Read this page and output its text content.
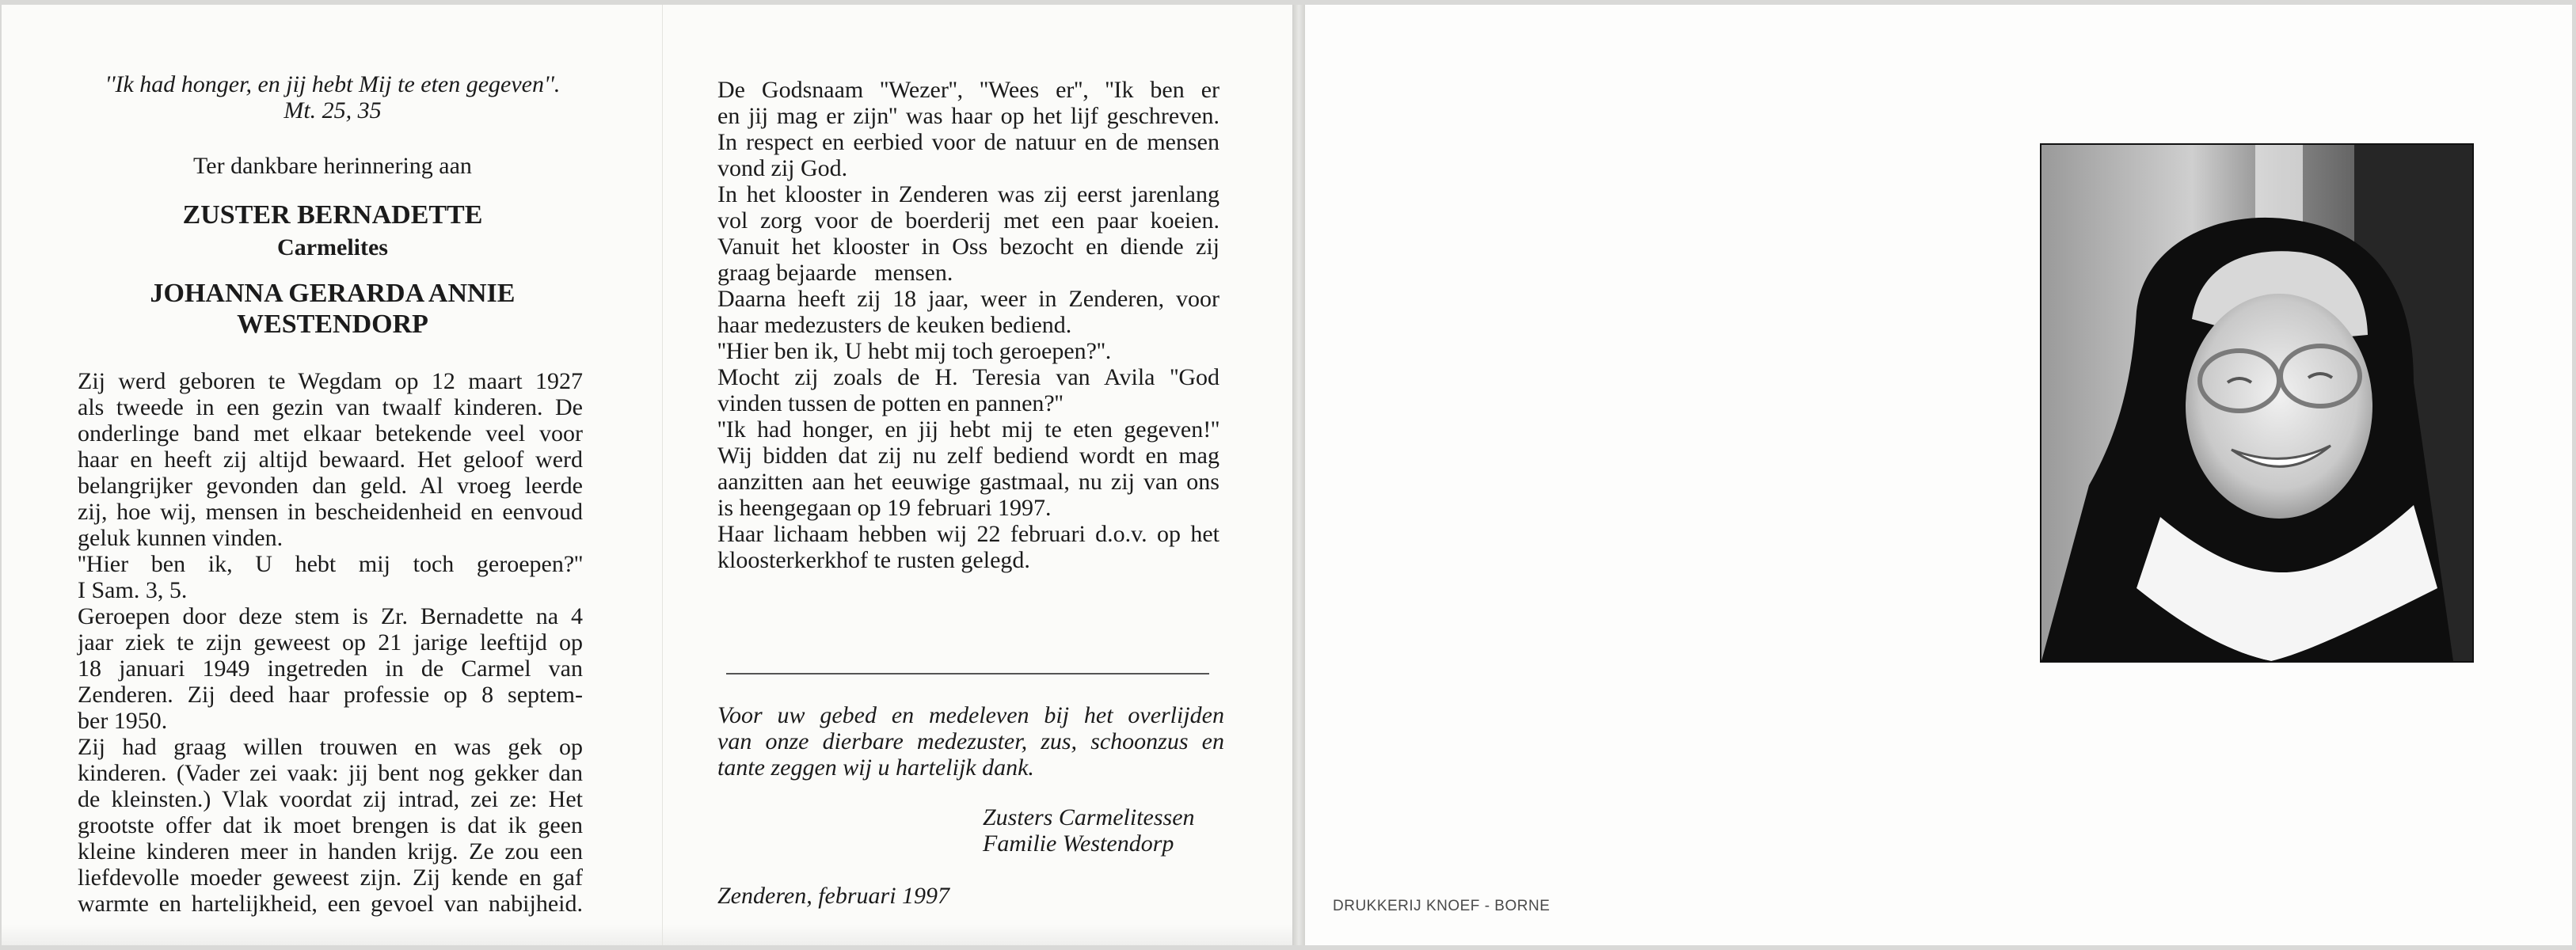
''Ik had honger, en jij hebt Mij te eten gegeven''.
Mt. 25, 35
Ter dankbare herinnering aan
ZUSTER BERNADETTE
Carmelites
JOHANNA GERARDA ANNIE
WESTENDORP
Zij werd geboren te Wegdam op 12 maart 1927
als tweede in een gezin van twaalf kinderen. De
onderlinge band met elkaar betekende veel voor
haar en heeft zij altijd bewaard. Het geloof werd
belangrijker gevonden dan geld. Al vroeg leerde
zij, hoe wij, mensen in bescheidenheid en eenvoud
geluk kunnen vinden.
''Hier ben ik, U hebt mij toch geroepen?''
I Sam. 3, 5.
Geroepen door deze stem is Zr. Bernadette na 4
jaar ziek te zijn geweest op 21 jarige leeftijd op
18 januari 1949 ingetreden in de Carmel van
Zenderen. Zij deed haar professie op 8 septem-
ber 1950.
Zij had graag willen trouwen en was gek op
kinderen. (Vader zei vaak: jij bent nog gekker dan
de kleinsten.) Vlak voordat zij intrad, zei ze: Het
grootste offer dat ik moet brengen is dat ik geen
kleine kinderen meer in handen krijg. Ze zou een
liefdevolle moeder geweest zijn. Zij kende en gaf
warmte en hartelijkheid, een gevoel van nabijheid.
De Godsnaam ''Wezer'', ''Wees er'', ''Ik ben er
en jij mag er zijn'' was haar op het lijf geschreven.
In respect en eerbied voor de natuur en de mensen
vond zij God.
In het klooster in Zenderen was zij eerst jarenlang
vol zorg voor de boerderij met een paar koeien.
Vanuit het klooster in Oss bezocht en diende zij
graag bejaarde   mensen.
Daarna heeft zij 18 jaar, weer in Zenderen, voor
haar medezusters de keuken bediend.
''Hier ben ik, U hebt mij toch geroepen?''.
Mocht zij zoals de H. Teresia van Avila ''God
vinden tussen de potten en pannen?''
''Ik had honger, en jij hebt mij te eten gegeven!''
Wij bidden dat zij nu zelf bediend wordt en mag
aanzitten aan het eeuwige gastmaal, nu zij van ons
is heengegaan op 19 februari 1997.
Haar lichaam hebben wij 22 februari d.o.v. op het
kloosterkerkhof te rusten gelegd.
Voor uw gebed en medeleven bij het overlijden
van onze dierbare medezuster, zus, schoonzus en
tante zeggen wij u hartelijk dank.
Zusters Carmelitessen
Familie Westendorp
Zenderen, februari 1997	DRUKKERIJ KNOEF - BORNE
